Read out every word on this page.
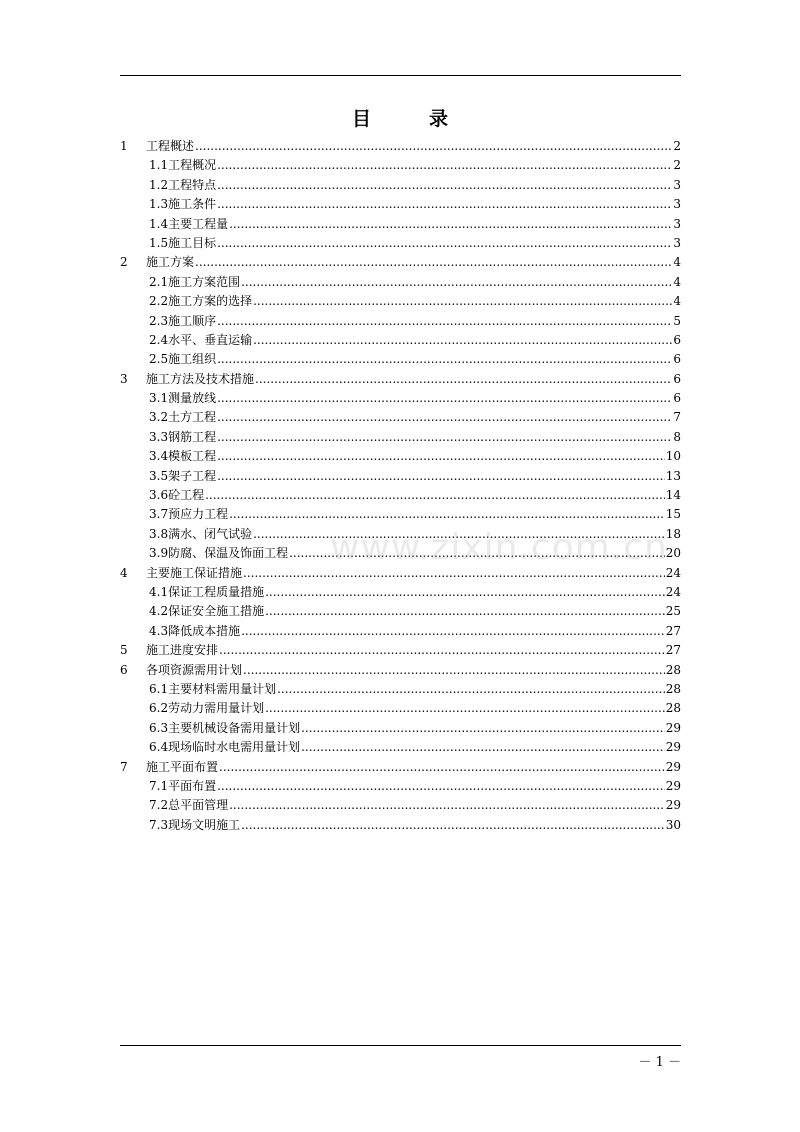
目	录
1	工程概述 .....	2
1.1 工程概况 .....	2
1.2 工程特点 .....	3
1.3 施工条件 .....	3
1.4 主要工程量 .....	3
1.5 施工目标 .....	3
2	施工方案 .....	4
2.1 施工方案范围 .....	4
2.2 施工方案的选择 .....	4
2.3 施工顺序 .....	5
2.4 水平、垂直运输 .....	6
2.5 施工组织 .....	6
3	施工方法及技术措施 .....	6
3.1 测量放线 .....	6
3.2 土方工程 .....	7
3.3 钢筋工程 .....	8
3.4 模板工程 .....	10
3.5 架子工程 .....	13
3.6 砼工程 .....	14
3.7 预应力工程 .....	15
3.8 满水、闭气试验 .....	18
3.9 防腐、保温及饰面工程 .....	20
4	主要施工保证措施 .....	24
4.1 保证工程质量措施 .....	24
4.2 保证安全施工措施 .....	25
4.3 降低成本措施 .....	27
5	施工进度安排 .....	27
6	各项资源需用计划 .....	28
6.1 主要材料需用量计划 .....	28
6.2 劳动力需用量计划 .....	28
6.3 主要机械设备需用量计划 .....	29
6.4 现场临时水电需用量计划 .....	29
7	施工平面布置 .....	29
7.1 平面布置 .....	29
7.2 总平面管理 .....	29
7.3 现场文明施工 .....	30
www.zixin.com.cn
－ 1 －
